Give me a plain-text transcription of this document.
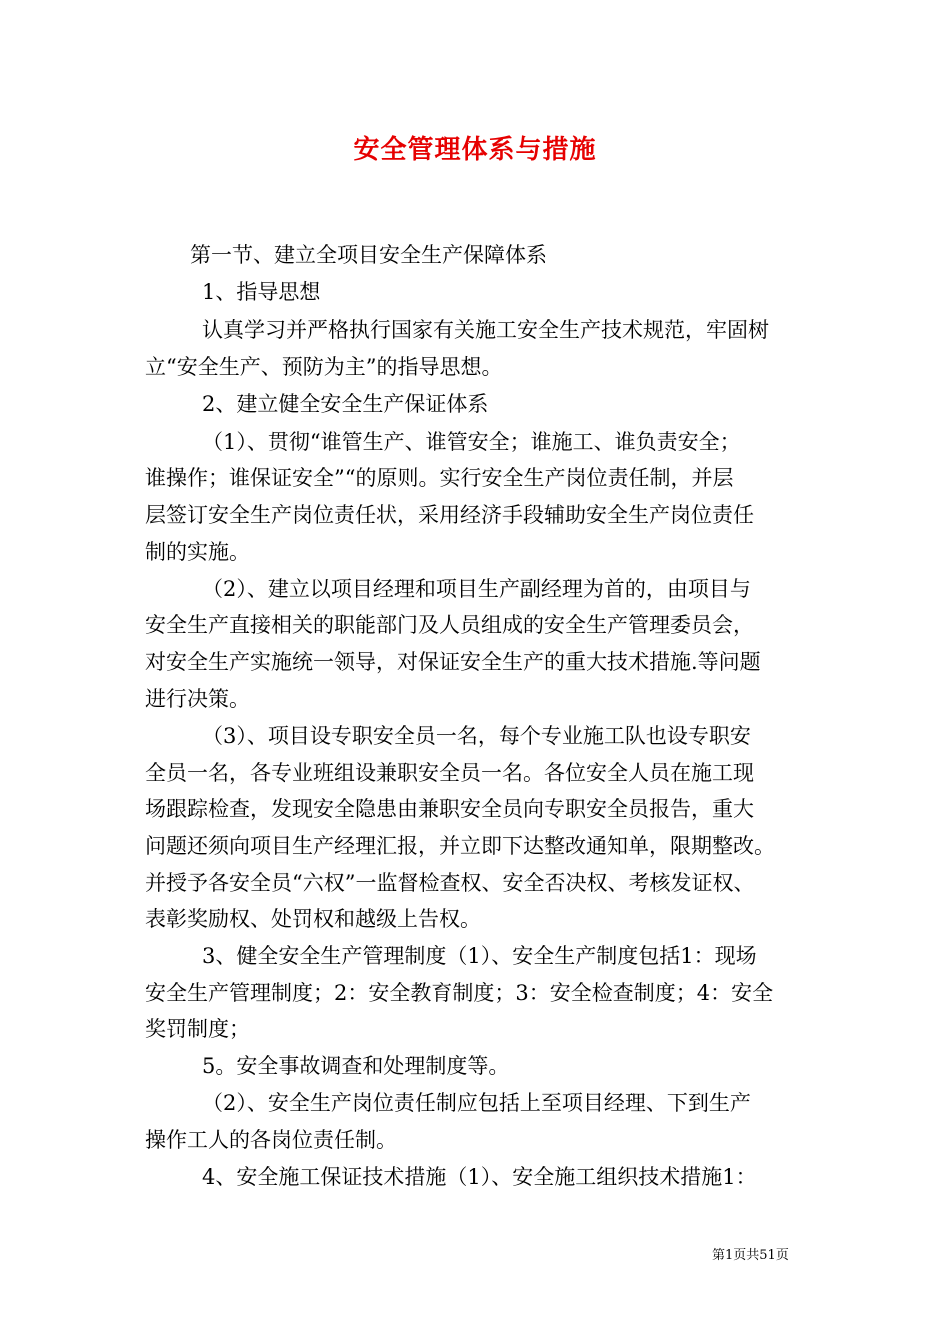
安全管理体系与措施
第一节、建立全项目安全生产保障体系
1、指导思想
认真学习并严格执行国家有关施工安全生产技术规范，牢固树
立“安全生产、预防为主”的指导思想。
2、建立健全安全生产保证体系
（1）、贯彻“谁管生产、谁管安全；谁施工、谁负责安全；
谁操作；谁保证安全”“的原则。实行安全生产岗位责任制，并层
层签订安全生产岗位责任状，采用经济手段辅助安全生产岗位责任
制的实施。
（2）、建立以项目经理和项目生产副经理为首的，由项目与
安全生产直接相关的职能部门及人员组成的安全生产管理委员会，
对安全生产实施统一领导，对保证安全生产的重大技术措施.等问题
进行决策。
（3）、项目设专职安全员一名，每个专业施工队也设专职安
全员一名，各专业班组设兼职安全员一名。各位安全人员在施工现
场跟踪检查，发现安全隐患由兼职安全员向专职安全员报告，重大
问题还须向项目生产经理汇报，并立即下达整改通知单，限期整改。
并授予各安全员“六权”一监督检查权、安全否决权、考核发证权、
表彰奖励权、处罚权和越级上告权。
3、健全安全生产管理制度（1）、安全生产制度包括1：现场
安全生产管理制度；2：安全教育制度；3：安全检查制度；4：安全
奖罚制度；
5。安全事故调查和处理制度等。
（2）、安全生产岗位责任制应包括上至项目经理、下到生产
操作工人的各岗位责任制。
4、安全施工保证技术措施（1）、安全施工组织技术措施1：
第1页共51页
